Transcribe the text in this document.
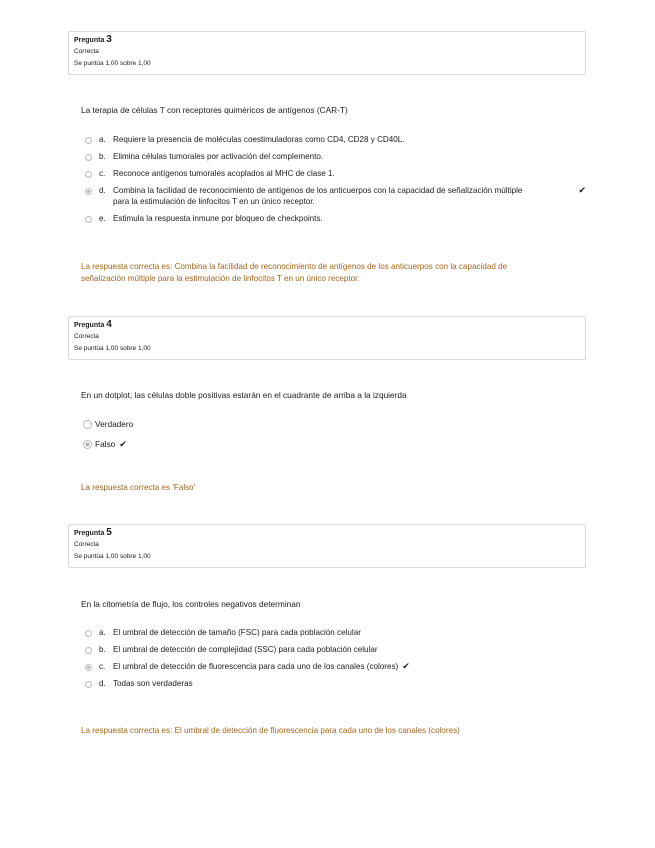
Pregunta 3
Correcta
Se puntúa 1,00 sobre 1,00
La terapia de células T con receptores quiméricos de antígenos (CAR-T)
a. Requiere la presencia de moléculas coestimuladoras como CD4, CD28 y CD40L.
b. Elimina células tumorales por activación del complemento.
c. Reconoce antígenos tumorales acoplados al MHC de clase 1.
d. Combina la facilidad de reconocimiento de antígenos de los anticuerpos con la capacidad de señalización múltiple para la estimulación de linfocitos T en un único receptor.
✔
e. Estimula la respuesta inmune por bloqueo de checkpoints.
La respuesta correcta es: Combina la facilidad de reconocimiento de antígenos de los anticuerpos con la capacidad de señalización múltiple para la estimulación de linfocitos T en un único receptor.
Pregunta 4
Correcta
Se puntúa 1,00 sobre 1,00
En un dotplot, las células doble positivas estarán en el cuadrante de arriba a la izquierda
Verdadero
Falso ✔
La respuesta correcta es 'Falso'
Pregunta 5
Correcta
Se puntúa 1,00 sobre 1,00
En la citometría de flujo, los controles negativos determinan
a. El umbral de detección de tamaño (FSC) para cada población celular
b. El umbral de detección de complejidad (SSC) para cada población celular
c. El umbral de detección de fluorescencia para cada uno de los canales (colores) ✔
d. Todas son verdaderas
La respuesta correcta es: El umbral de detección de fluorescencia para cada uno de los canales (colores)
